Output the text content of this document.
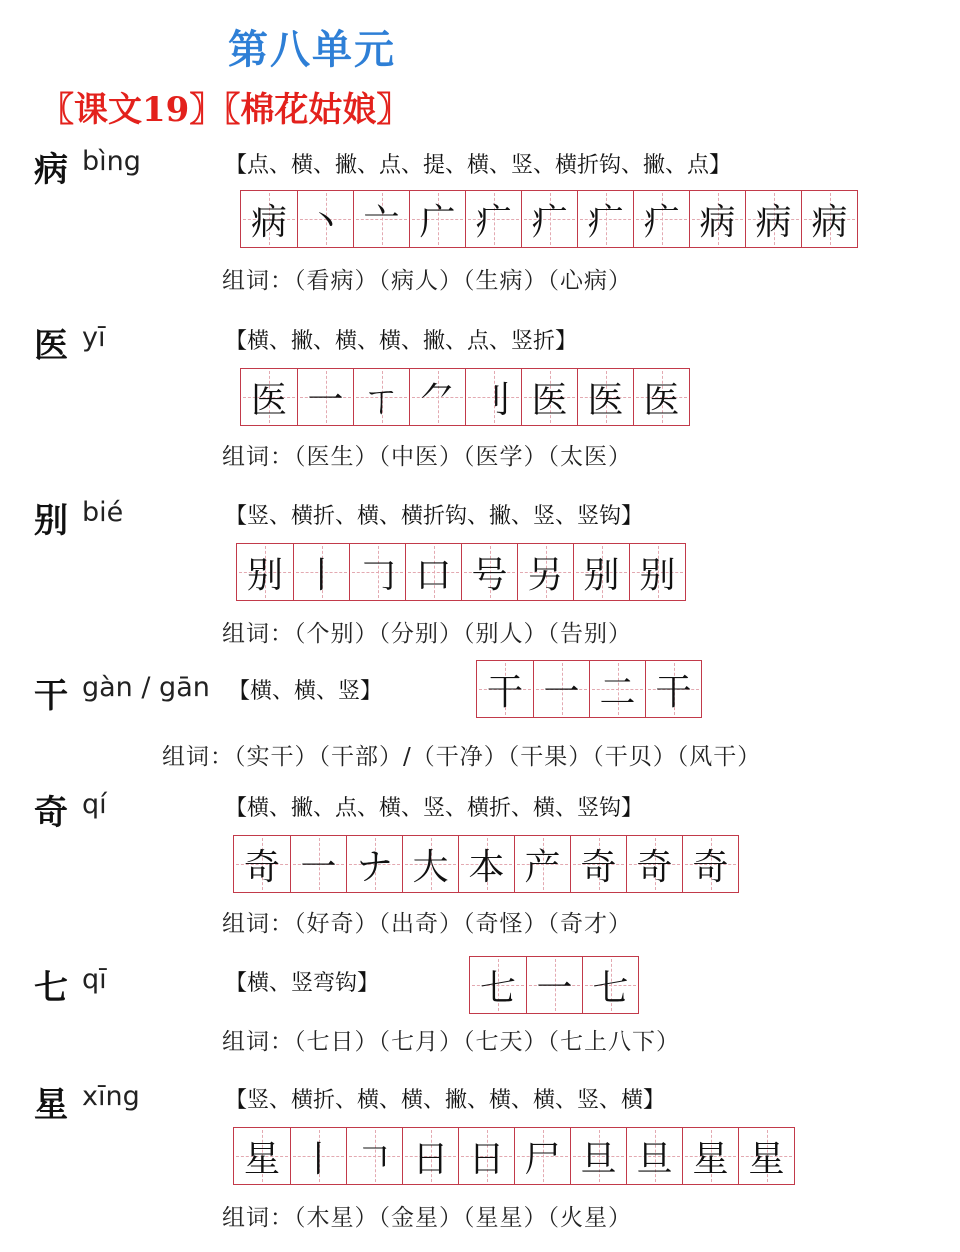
第八单元
〖课文19〗〖棉花姑娘〗
病 bìng	【点、横、撇、点、提、横、竖、横折钩、撇、点】
病 丶 亠 广 疒 疒 疒 疒 病 病 病
组词：（看病）（病人）（生病）（心病）
医 yī	【横、撇、横、横、撇、点、竖折】
医 一 ㄒ ⺈ ⺉ 医 医 医
组词：（医生）（中医）（医学）（太医）
别 bié	【竖、横折、横、横折钩、撇、竖、竖钩】
别 丨 𠃌 口 号 另 别 别
组词：（个别）（分别）（别人）（告别）
干 gàn / gān 【横、横、竖】	干 一 二 干
组词：（实干）（干部）/（干净）（干果）（干贝）（风干）
奇 qí	【横、撇、点、横、竖、横折、横、竖钩】
奇 一 ナ 大 本 产 奇 奇 奇
组词：（好奇）（出奇）（奇怪）（奇才）
七 qī	【横、竖弯钩】	七 一 七
组词：（七日）（七月）（七天）（七上八下）
星 xīng	【竖、横折、横、横、撇、横、横、竖、横】
星 丨 𠃍 日 日 尸 旦 旦 星 星
组词：（木星）（金星）（星星）（火星）
